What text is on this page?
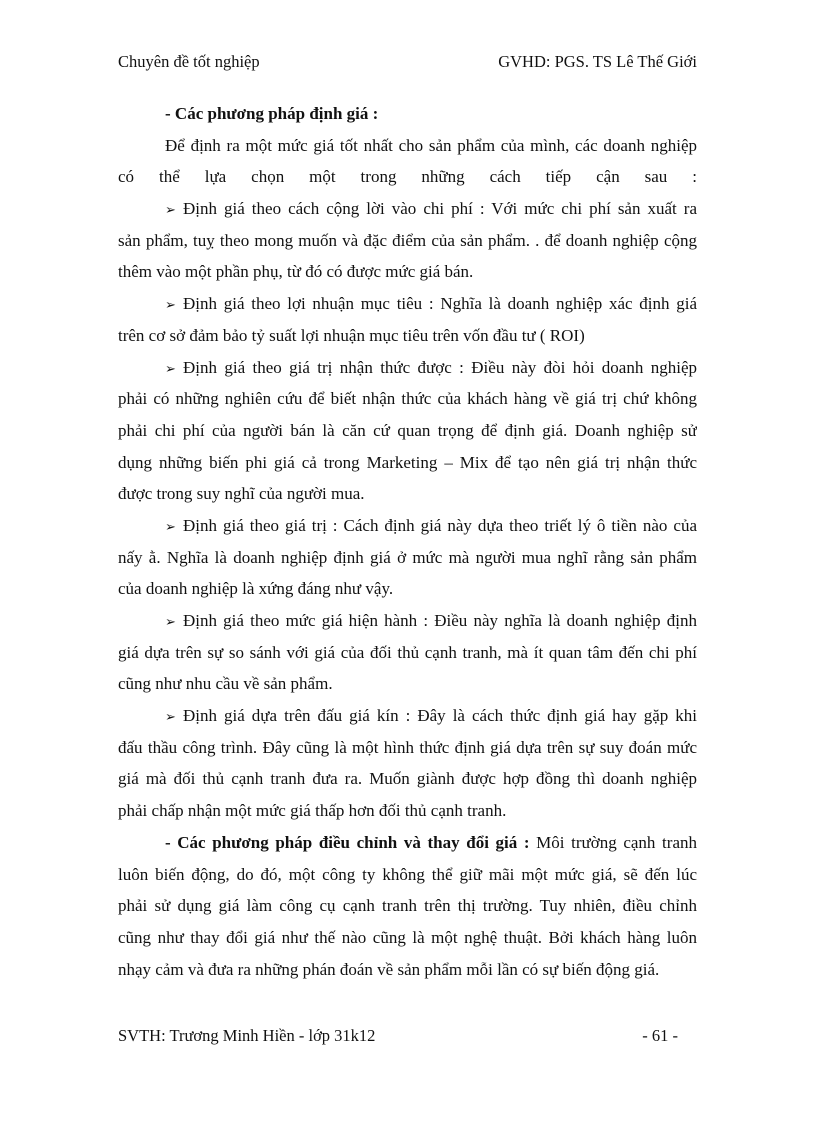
Chuyên đề tốt nghiệp	GVHD: PGS. TS Lê Thế Giới
- Các phương pháp định giá :
Để định ra một mức giá tốt nhất cho sản phẩm của mình, các doanh nghiệp
có thể lựa chọn một trong những cách tiếp cận sau :
➢ Định giá theo cách cộng lời vào chi phí : Với mức chi phí sản xuất ra
sản phẩm, tuỵ theo mong muốn và đặc điểm của sản phẩm. . để doanh nghiệp cộng
thêm vào một phần phụ, từ đó có được mức giá bán.
➢ Định giá theo lợi nhuận mục tiêu : Nghĩa là doanh nghiệp xác định giá
trên cơ sở đảm bảo tỷ suất lợi nhuận mục tiêu trên vốn đầu tư ( ROI)
➢ Định giá theo giá trị nhận thức được : Điều này đòi hỏi doanh nghiệp
phải có những nghiên cứu để biết nhận thức của khách hàng về giá trị chứ không
phải chi phí của người bán là căn cứ quan trọng để định giá. Doanh nghiệp sử
dụng những biến phi giá cả trong Marketing – Mix để tạo nên giá trị nhận thức
được trong suy nghĩ của người mua.
➢ Định giá theo giá trị : Cách định giá này dựa theo triết lý ô tiền nào của
nấy ằ. Nghĩa là doanh nghiệp định giá ở mức mà người mua nghĩ rằng sản phẩm
của doanh nghiệp là xứng đáng như vậy.
➢ Định giá theo mức giá hiện hành : Điều này nghĩa là doanh nghiệp định
giá dựa trên sự so sánh với giá của đối thủ cạnh tranh, mà ít quan tâm đến chi phí
cũng như nhu cầu về sản phẩm.
➢ Định giá dựa trên đấu giá kín : Đây là cách thức định giá hay gặp khi
đấu thầu công trình. Đây cũng là một hình thức định giá dựa trên sự suy đoán mức
giá mà đối thủ cạnh tranh đưa ra. Muốn giành được hợp đồng thì doanh nghiệp
phải chấp nhận một mức giá thấp hơn đối thủ cạnh tranh.
- Các phương pháp điều chỉnh và thay đổi giá : Môi trường cạnh tranh
luôn biến động, do đó, một công ty không thể giữ mãi một mức giá, sẽ đến lúc
phải sử dụng giá làm công cụ cạnh tranh trên thị trường. Tuy nhiên, điều chỉnh
cũng như thay đổi giá như thế nào cũng là một nghệ thuật. Bởi khách hàng luôn
nhạy cảm và đưa ra những phán đoán về sản phẩm mỗi lần có sự biến động giá.
SVTH: Trương Minh Hiền - lớp 31k12	- 61 -
